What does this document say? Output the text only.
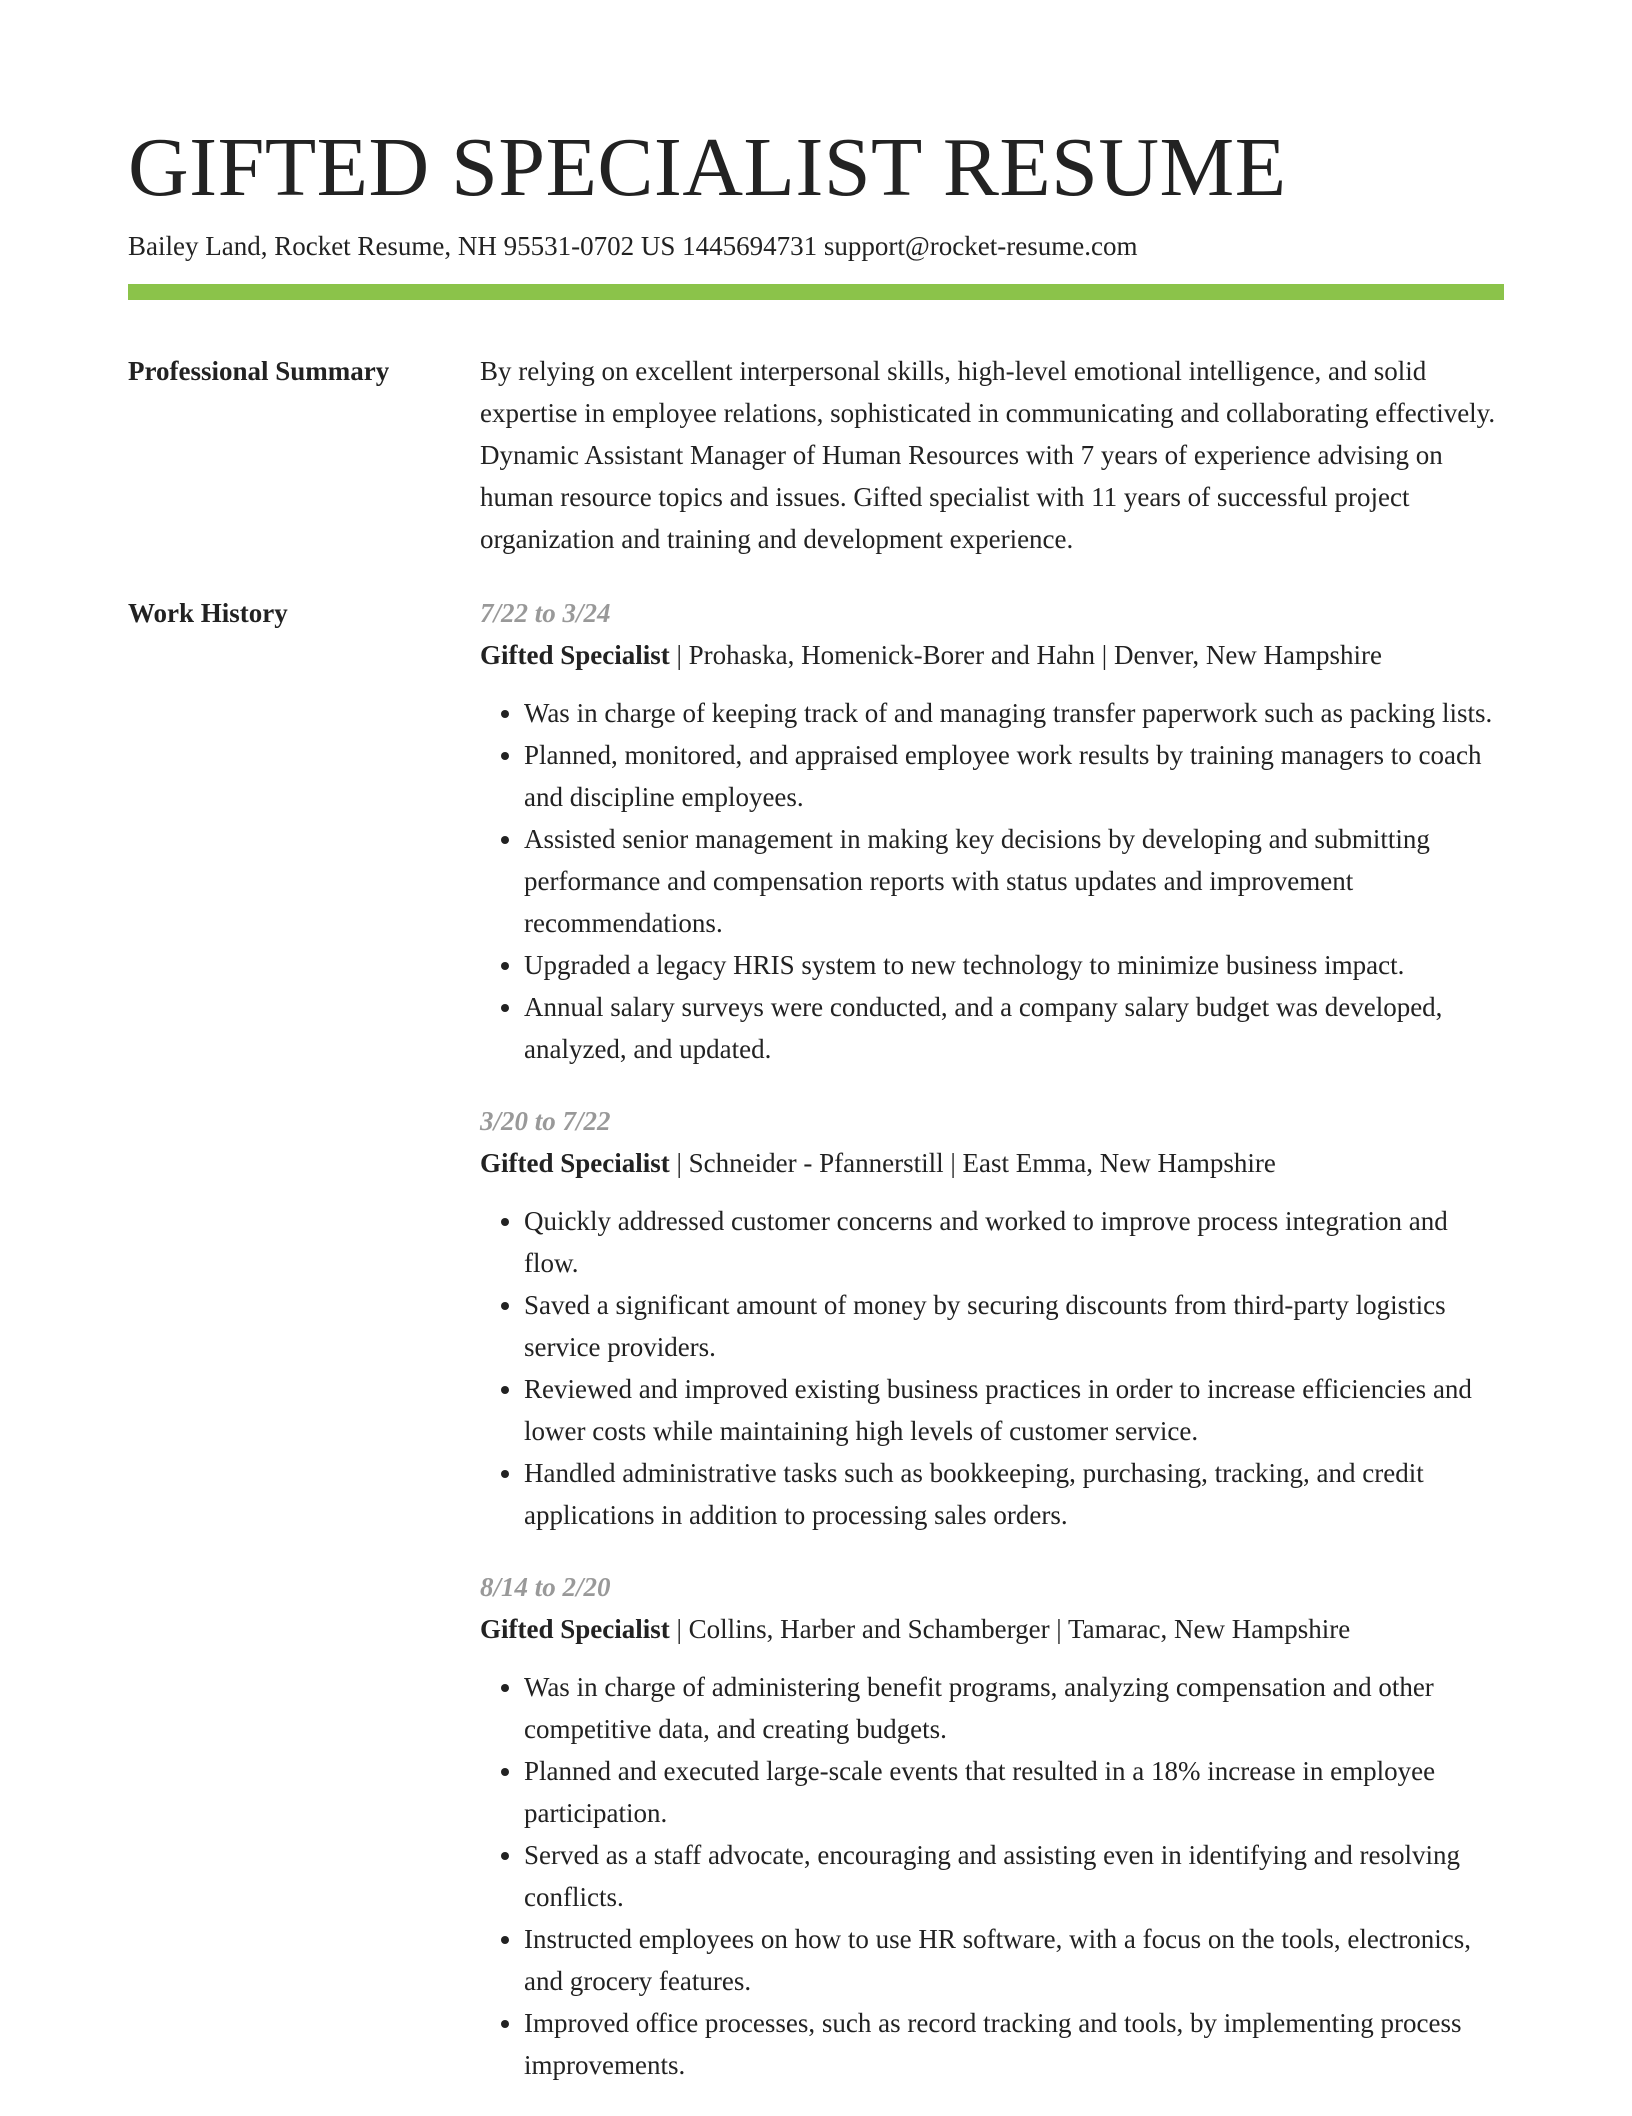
GIFTED SPECIALIST RESUME
Bailey Land, Rocket Resume, NH 95531-0702 US 1445694731 support@rocket-resume.com
Professional Summary	By relying on excellent interpersonal skills, high-level emotional intelligence, and solid expertise in employee relations, sophisticated in communicating and collaborating effectively. Dynamic Assistant Manager of Human Resources with 7 years of experience advising on human resource topics and issues. Gifted specialist with 11 years of successful project organization and training and development experience.

Work History	7/22 to 3/24
Gifted Specialist | Prohaska, Homenick-Borer and Hahn | Denver, New Hampshire
• Was in charge of keeping track of and managing transfer paperwork such as packing lists.
• Planned, monitored, and appraised employee work results by training managers to coach and discipline employees.
• Assisted senior management in making key decisions by developing and submitting performance and compensation reports with status updates and improvement recommendations.
• Upgraded a legacy HRIS system to new technology to minimize business impact.
• Annual salary surveys were conducted, and a company salary budget was developed, analyzed, and updated.
3/20 to 7/22
Gifted Specialist | Schneider - Pfannerstill | East Emma, New Hampshire
• Quickly addressed customer concerns and worked to improve process integration and flow.
• Saved a significant amount of money by securing discounts from third-party logistics service providers.
• Reviewed and improved existing business practices in order to increase efficiencies and lower costs while maintaining high levels of customer service.
• Handled administrative tasks such as bookkeeping, purchasing, tracking, and credit applications in addition to processing sales orders.
8/14 to 2/20
Gifted Specialist | Collins, Harber and Schamberger | Tamarac, New Hampshire
• Was in charge of administering benefit programs, analyzing compensation and other competitive data, and creating budgets.
• Planned and executed large-scale events that resulted in a 18% increase in employee participation.
• Served as a staff advocate, encouraging and assisting even in identifying and resolving conflicts.
• Instructed employees on how to use HR software, with a focus on the tools, electronics, and grocery features.
• Improved office processes, such as record tracking and tools, by implementing process improvements.
